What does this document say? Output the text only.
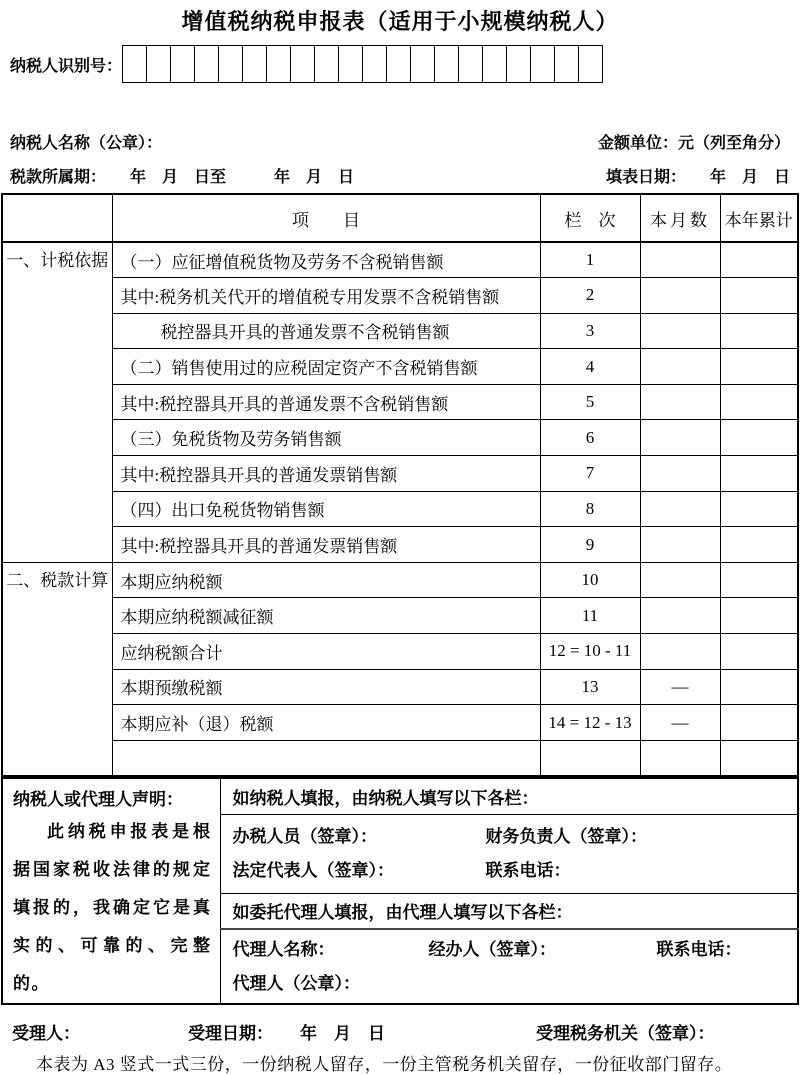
增值税纳税申报表（适用于小规模纳税人）
纳税人识别号：
纳税人名称（公章）：	金额单位：元（列至角分）
税款所属期：　　 年　月　日至　　　年　月　日	填表日期：　　 年　月　日
	项　　目	栏　次	本月数	本年累计
一、计税依据	（一）应征增值税货物及劳务不含税销售额	1		
	其中:税务机关代开的增值税专用发票不含税销售额	2		
	税控器具开具的普通发票不含税销售额	3		
	（二）销售使用过的应税固定资产不含税销售额	4		
	其中:税控器具开具的普通发票不含税销售额	5		
	（三）免税货物及劳务销售额	6		
	其中:税控器具开具的普通发票销售额	7		
	（四）出口免税货物销售额	8		
	其中:税控器具开具的普通发票销售额	9		
二、税款计算	本期应纳税额	10		
	本期应纳税额减征额	11		
	应纳税额合计	12 = 10 - 11		
	本期预缴税额	13	—	
	本期应补（退）税额	14 = 12 - 13	—	

纳税人或代理人声明：
此纳税申报表是根据国家税收法律的规定填报的，我确定它是真实的、可靠的、完整的。
	如纳税人填报，由纳税人填写以下各栏：

办税人员（签章）：	财务负责人（签章）：
法定代表人（签章）：	联系电话：

如委托代理人填报，由代理人填写以下各栏：

代理人名称：	经办人（签章）：	联系电话：
代理人（公章）：
受理人：	受理日期： 年　月　日	受理税务机关（签章）：
本表为 A3 竖式一式三份，一份纳税人留存，一份主管税务机关留存，一份征收部门留存。
